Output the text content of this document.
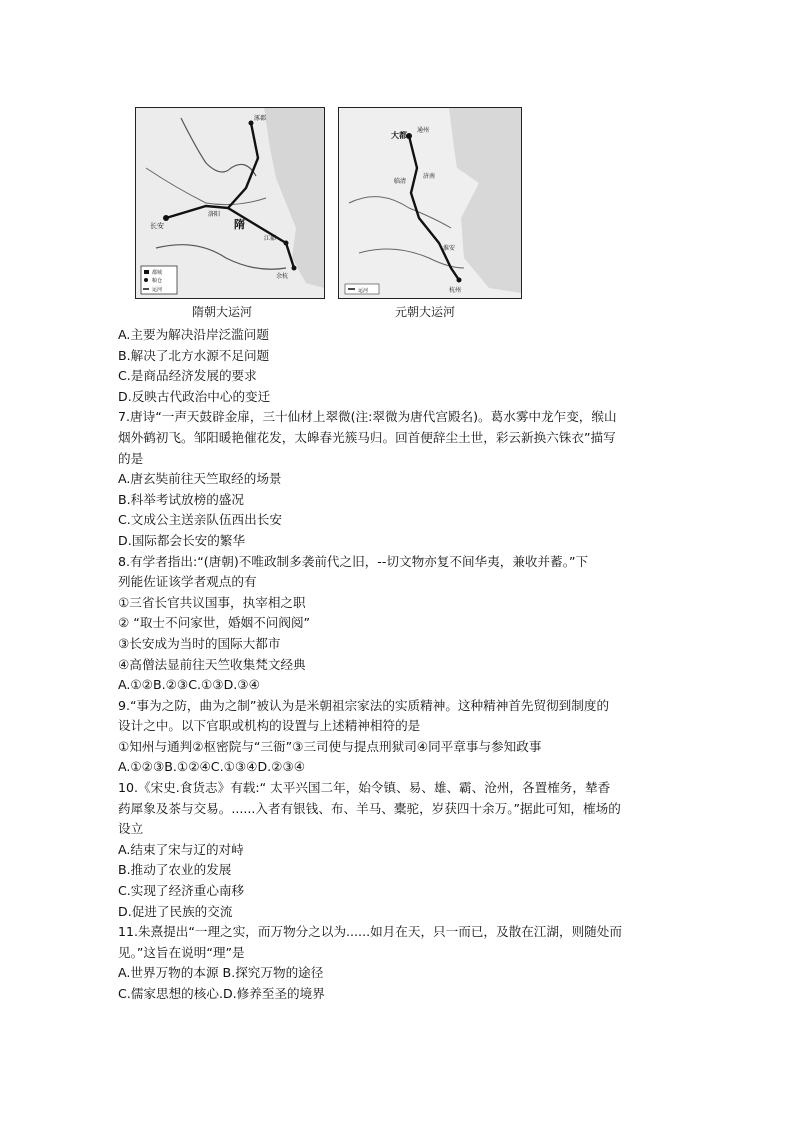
都城
粮仓
运河
长安	隋
洛阳
涿郡
江都
余杭
隋朝大运河
运河
大都
通州
临清
济南
淮安
杭州
元朝大运河
A.主要为解决沿岸泛滥问题
B.解决了北方水源不足问题
C.是商品经济发展的要求
D.反映古代政治中心的变迁
7.唐诗“一声天鼓辟金扉，三十仙材上翠微(注:翠微为唐代宫殿名)。葛水雾中龙乍变，缑山
烟外鹤初飞。邹阳暖艳催花发，太皞春光簇马归。回首便辞尘土世，彩云新换六铢衣”描写
的是
A.唐玄奘前往天竺取经的场景
B.科举考试放榜的盛况
C.文成公主送亲队伍西出长安
D.国际都会长安的繁华
8.有学者指出:“(唐朝)不唯政制多袭前代之旧，--切文物亦复不间华夷，兼收并蓄。”下
列能佐证该学者观点的有
①三省长官共议国事，执宰相之职
② “取士不问家世，婚姻不问阀阅”
③长安成为当时的国际大都市
④高僧法显前往天竺收集梵文经典
A.①②B.②③C.①③D.③④
9.“事为之防，曲为之制”被认为是米朝祖宗家法的实质精神。这种精神首先贸彻到制度的
设计之中。以下官职或机构的设置与上述精神相符的是
①知州与通判②枢密院与“三衙”③三司使与提点刑狱司④同平章事与参知政事
A.①②③B.①②④C.①③④D.②③④
10.《宋史.食货志》有载:“ 太平兴国二年，始令镇、易、雄、霸、沧州，各置榷务，辇香
药犀象及茶与交易。......入者有银钱、布、羊马、橐驼，岁获四十余万。”据此可知，榷场的
设立
A.结束了宋与辽的对峙
B.推动了农业的发展
C.实现了经济重心南移
D.促进了民族的交流
11.朱熹提出“一理之实，而万物分之以为......如月在天，只一而已，及散在江湖，则随处而
见。”这旨在说明“理”是
A.世界万物的本源 B.探究万物的途径
C.儒家思想的核心.D.修养至圣的境界
